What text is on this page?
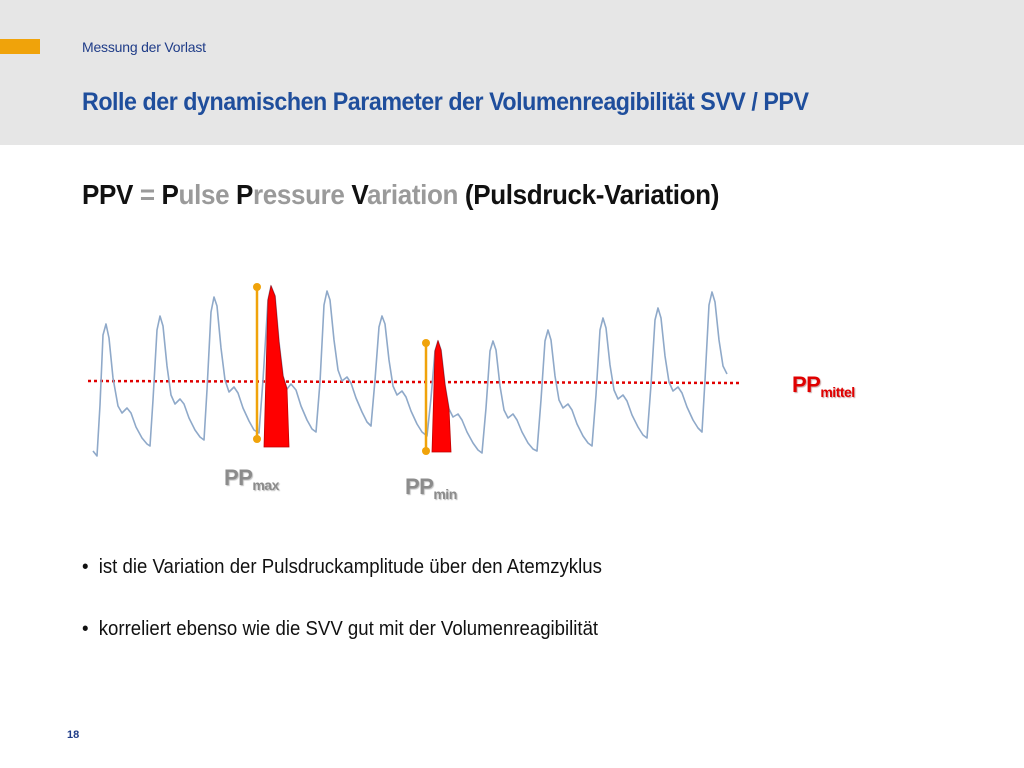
Messung der Vorlast
Rolle der dynamischen Parameter der Volumenreagibilität SVV / PPV
PPV = Pulse Pressure Variation (Pulsdruck-Variation)
$PP_{max}$	$PP_{min}$
$PP_{mittel}$
• ist die Variation der Pulsdruckamplitude über den Atemzyklus
• korreliert ebenso wie die SVV gut mit der Volumenreagibilität
18
